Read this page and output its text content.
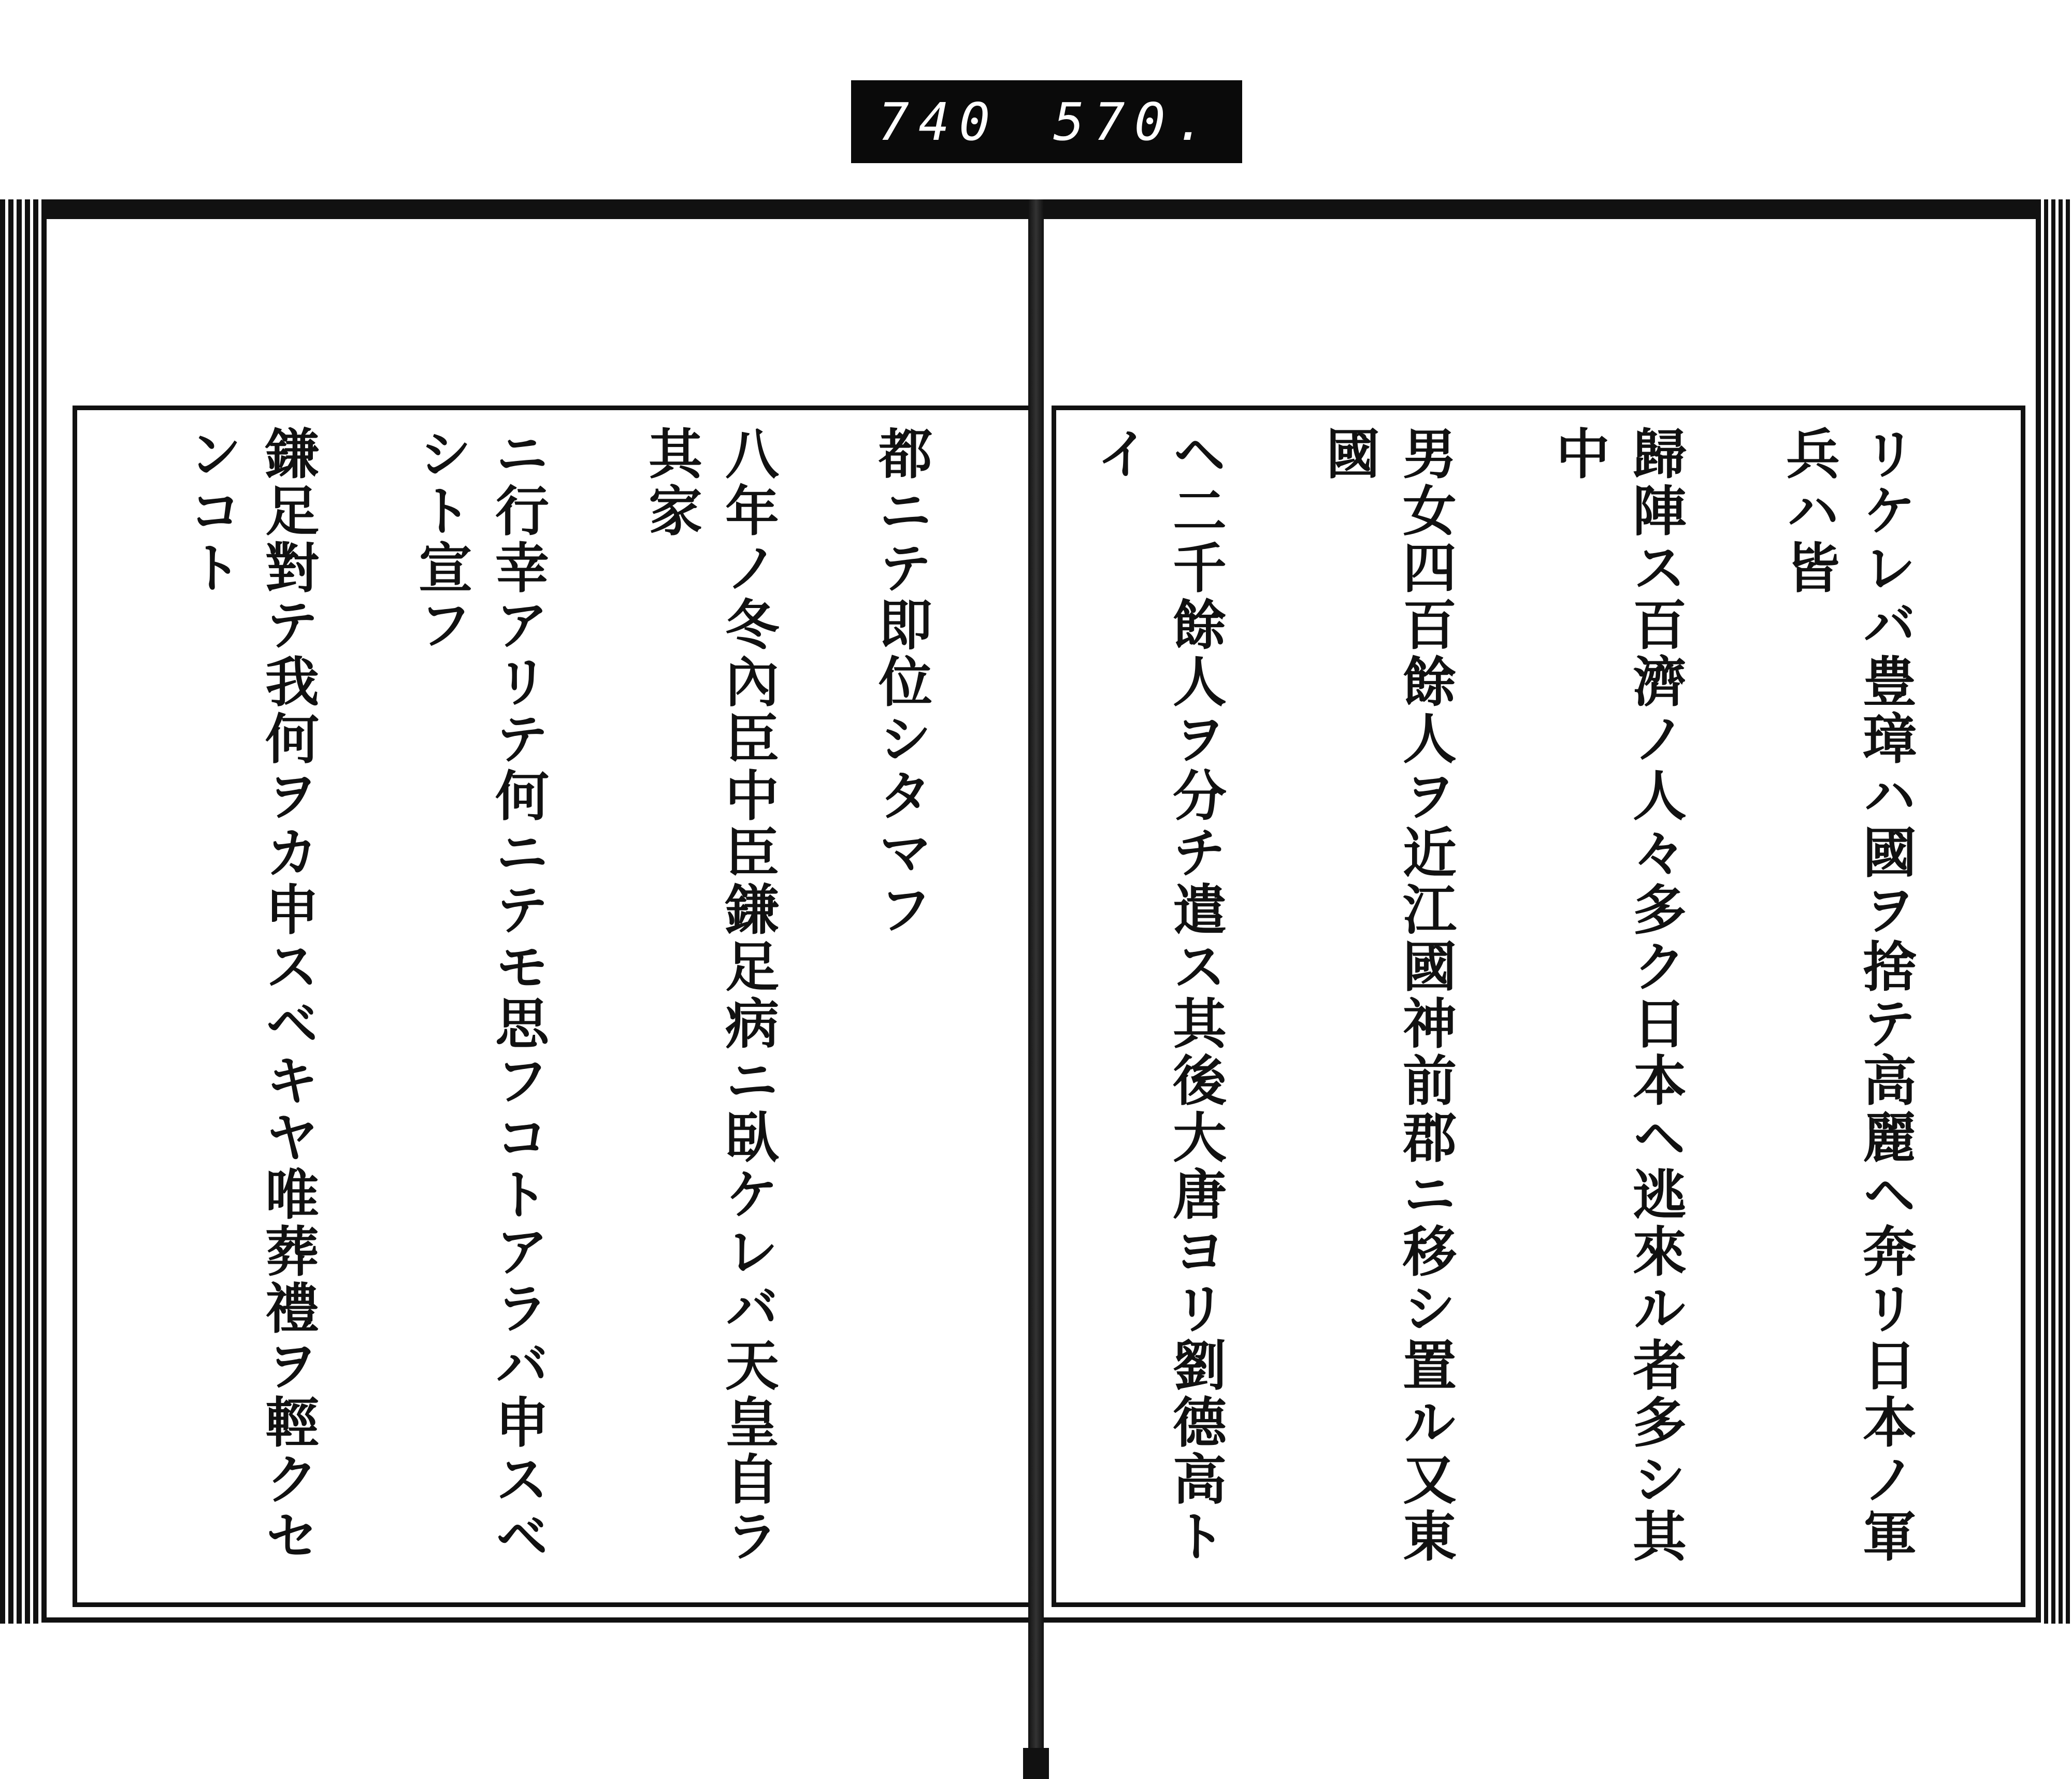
740 570.

都ニテ即位シタマフ

八年ノ冬內臣中臣鎌足病ニ臥ケレバ天皇自ラ其家

ニ行幸アリテ何ニテモ思フコトアラバ申スベシト宣フ

鎌足對テ我何ヲカ申スベキヤ唯葬禮ヲ輕クセンコト	リケレバ豊璋ハ國ヲ捨テ高麗ヘ奔リ日本ノ軍兵ハ皆

歸陣ス百濟ノ人々多ク日本ヘ逃來ル者多シ其中

男女四百餘人ヲ近江國神前郡ニ移シ置ル又東國

ヘ二千餘人ヲ分チ遣ス其後大唐ヨリ劉德高トイ
